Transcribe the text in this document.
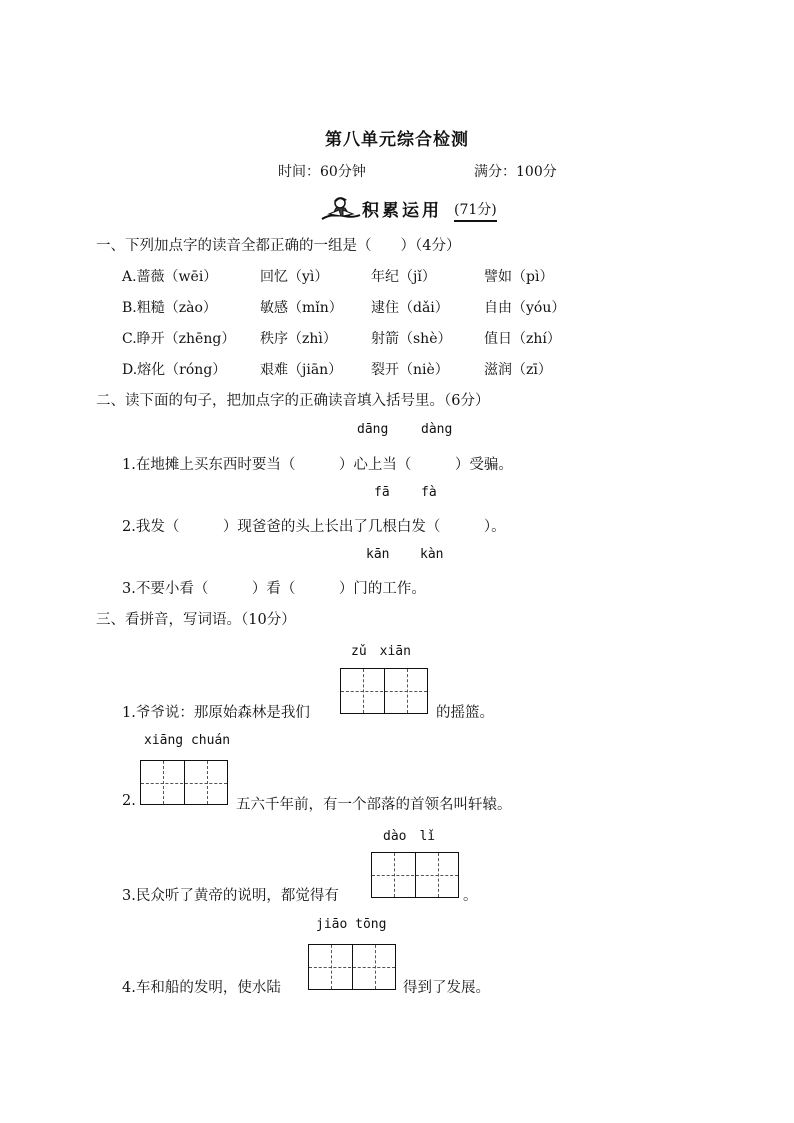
第八单元综合检测
时间：60分钟	满分：100分
积累运用 (71分)
一、下列加点字的读音全都正确的一组是（　　）（4分）
A.蔷薇（wēi）	回忆（yì）	年纪（jǐ）	譬如（pì）
B.粗糙（zào）	敏感（mǐn） 逮住（dǎi）	自由（yóu）
C.睁开（zhēng） 秩序（zhì） 射箭（shè） 值日（zhí）
D.熔化（róng） 艰难（jiān） 裂开（niè）	滋润（zī）
二、读下面的句子，把加点字的正确读音填入括号里。（6分）
dāng	dàng
1.在地摊上买东西时要当（　　　）心上当（　　　）受骗。
fā fà
2.我发（　　　）现爸爸的头上长出了几根白发（　　　）。
kān kàn
3.不要小看（　　　）看（　　　）门的工作。
三、看拼音，写词语。（10分）
zǔ　xiān
1.爷爷说：那原始森林是我们	的摇篮。
xiāng chuán
2.	五六千年前，有一个部落的首领名叫轩辕。
dào　lǐ
3.民众听了黄帝的说明，都觉得有	。
jiāo tōng
4.车和船的发明，使水陆	得到了发展。
